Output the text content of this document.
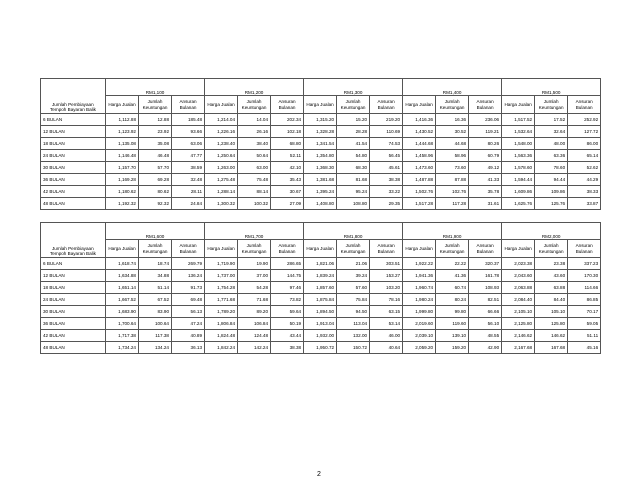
Jumlah Pembiayaan
Tempoh Bayaran Balik	RM1,100			RM1,200			RM1,300			RM1,400			RM1,500		
	Harga Jualan	Jumlah Keuntungan	Ansuran Bulanan	Harga Jualan	Jumlah Keuntungan	Ansuran Bulanan	Harga Jualan	Jumlah Keuntungan	Ansuran Bulanan	Harga Jualan	Jumlah Keuntungan	Ansuran Bulanan	Harga Jualan	Jumlah Keuntungan	Ansuran Bulanan
6 BULAN	1,112.88	12.88	185.48	1,214.04	14.04	202.34	1,315.20	15.20	219.20	1,416.36	16.36	236.06	1,517.52	17.52	252.92
12 BULAN	1,123.92	23.92	93.66	1,226.16	26.16	102.18	1,328.28	28.28	110.69	1,430.52	30.52	119.21	1,532.64	32.64	127.72
18 BULAN	1,135.08	35.08	63.06	1,238.40	38.40	68.80	1,341.54	41.54	74.53	1,444.68	44.68	80.26	1,548.00	48.00	86.00
24 BULAN	1,146.48	46.48	47.77	1,250.64	50.64	52.11	1,354.80	54.80	56.45	1,458.96	58.96	60.79	1,563.36	63.36	65.14
30 BULAN	1,157.70	57.70	38.59	1,263.00	63.00	42.10	1,368.30	68.30	45.61	1,473.60	73.60	49.12	1,578.60	78.60	52.62
36 BULAN	1,169.28	69.28	32.48	1,275.48	75.48	35.43	1,381.68	81.68	38.38	1,487.88	87.88	41.33	1,594.44	94.44	44.29
42 BULAN	1,180.62	80.62	28.11	1,288.14	88.14	30.67	1,395.24	95.24	33.22	1,502.76	102.76	35.78	1,609.86	109.86	38.33
48 BULAN	1,192.32	92.32	24.84	1,300.32	100.32	27.09	1,408.80	108.80	29.35	1,517.28	117.28	31.61	1,625.76	125.76	33.87
Jumlah Pembiayaan
Tempoh Bayaran Balik	RM1,600			RM1,700			RM1,800			RM1,900			RM2,000		
	Harga Jualan	Jumlah Keuntungan	Ansuran Bulanan	Harga Jualan	Jumlah Keuntungan	Ansuran Bulanan	Harga Jualan	Jumlah Keuntungan	Ansuran Bulanan	Harga Jualan	Jumlah Keuntungan	Ansuran Bulanan	Harga Jualan	Jumlah Keuntungan	Ansuran Bulanan
6 BULAN	1,618.74	18.74	269.79	1,719.90	19.90	286.65	1,821.06	21.06	303.51	1,922.22	22.22	320.37	2,023.38	23.38	337.23
12 BULAN	1,634.88	34.88	136.24	1,737.00	37.00	144.75	1,839.24	39.24	153.27	1,941.36	41.36	161.78	2,043.60	43.60	170.30
18 BULAN	1,651.14	51.14	91.73	1,754.28	54.28	97.46	1,857.60	57.60	103.20	1,960.74	60.74	108.93	2,063.88	63.88	114.66
24 BULAN	1,667.52	67.52	69.48	1,771.68	71.68	73.82	1,875.84	75.84	78.16	1,980.24	80.24	82.51	2,084.40	84.40	86.85
30 BULAN	1,683.90	83.90	56.13	1,789.20	89.20	59.64	1,894.50	94.50	63.15	1,999.80	99.80	66.66	2,105.10	105.10	70.17
36 BULAN	1,700.64	100.64	47.24	1,806.84	106.84	50.19	1,913.04	113.04	53.14	2,019.60	119.60	56.10	2,125.80	125.80	59.05
42 BULAN	1,717.38	117.38	40.89	1,824.48	124.48	43.44	1,932.00	132.00	46.00	2,039.10	139.10	48.55	2,146.62	146.62	51.11
48 BULAN	1,734.24	134.24	36.13	1,842.24	142.24	38.38	1,950.72	150.72	40.64	2,059.20	159.20	42.90	2,167.68	167.68	45.16
2
